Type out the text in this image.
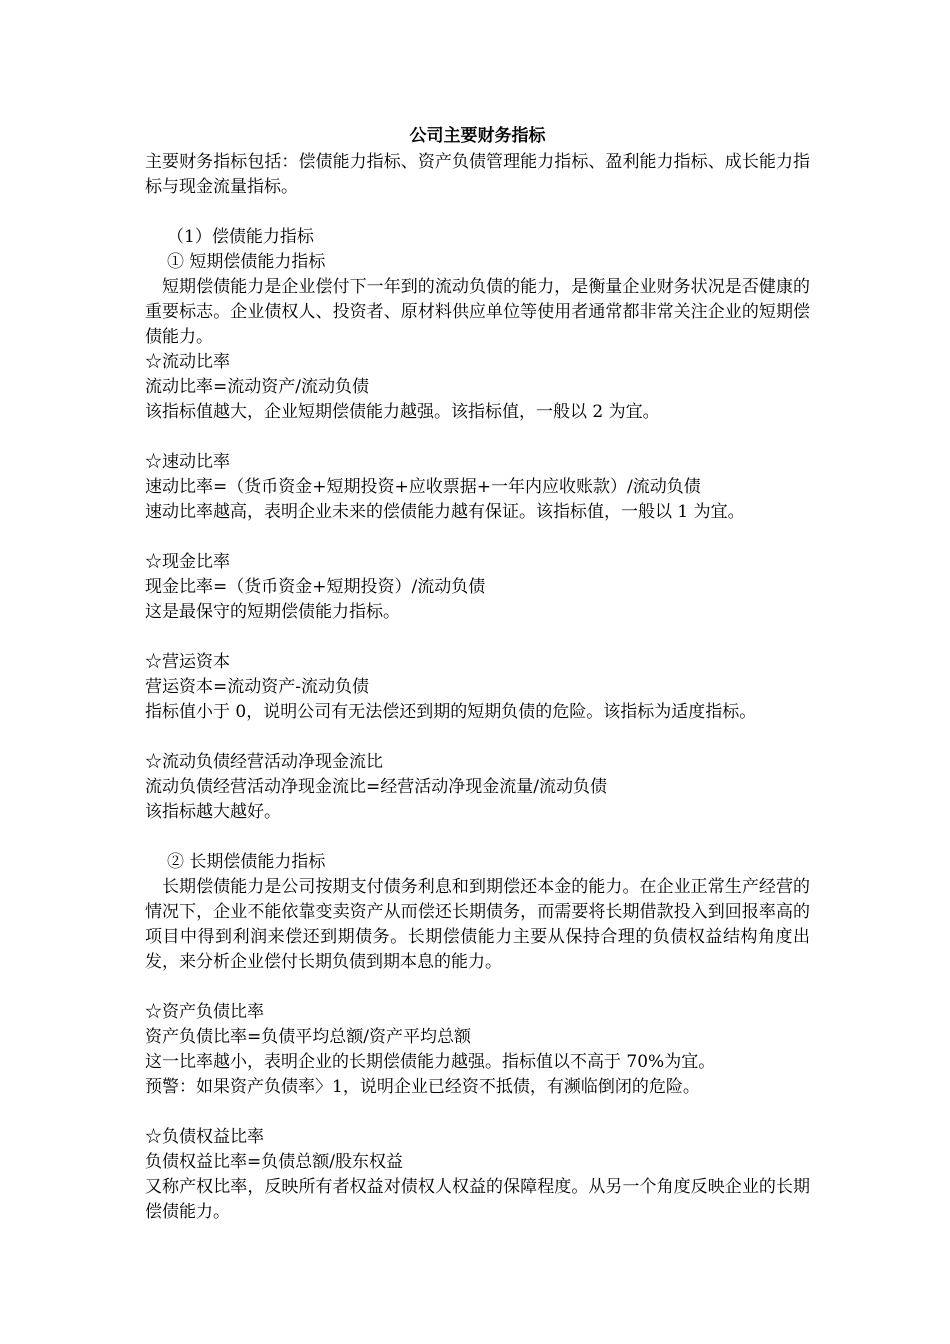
公司主要财务指标
主要财务指标包括：偿债能力指标、资产负债管理能力指标、盈利能力指标、成长能力指标与现金流量指标。
（1）偿债能力指标
① 短期偿债能力指标
短期偿债能力是企业偿付下一年到的流动负债的能力，是衡量企业财务状况是否健康的重要标志。企业债权人、投资者、原材料供应单位等使用者通常都非常关注企业的短期偿债能力。
☆流动比率
流动比率=流动资产/流动负债
该指标值越大，企业短期偿债能力越强。该指标值，一般以 2 为宜。
☆速动比率
速动比率=（货币资金+短期投资+应收票据+一年内应收账款）/流动负债
速动比率越高，表明企业未来的偿债能力越有保证。该指标值，一般以 1 为宜。
☆现金比率
现金比率=（货币资金+短期投资）/流动负债
这是最保守的短期偿债能力指标。
☆营运资本
营运资本=流动资产-流动负债
指标值小于 0，说明公司有无法偿还到期的短期负债的危险。该指标为适度指标。
☆流动负债经营活动净现金流比
流动负债经营活动净现金流比=经营活动净现金流量/流动负债
该指标越大越好。
② 长期偿债能力指标
长期偿债能力是公司按期支付债务利息和到期偿还本金的能力。在企业正常生产经营的情况下，企业不能依靠变卖资产从而偿还长期债务，而需要将长期借款投入到回报率高的项目中得到利润来偿还到期债务。长期偿债能力主要从保持合理的负债权益结构角度出发，来分析企业偿付长期负债到期本息的能力。
☆资产负债比率
资产负债比率=负债平均总额/资产平均总额
这一比率越小，表明企业的长期偿债能力越强。指标值以不高于 70%为宜。
预警：如果资产负债率〉1，说明企业已经资不抵债，有濒临倒闭的危险。
☆负债权益比率
负债权益比率=负债总额/股东权益
又称产权比率，反映所有者权益对债权人权益的保障程度。从另一个角度反映企业的长期偿债能力。
